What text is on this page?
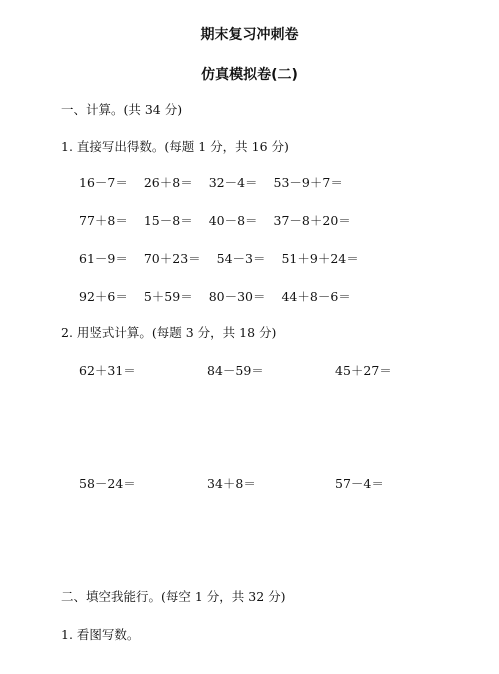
期末复习冲刺卷
仿真模拟卷(二)
一、计算。(共 34 分)
1. 直接写出得数。(每题 1 分，共 16 分)
16－7＝ 26＋8＝ 32－4＝ 53－9＋7＝
77＋8＝ 15－8＝ 40－8＝ 37－8＋20＝
61－9＝ 70＋23＝ 54－3＝ 51＋9＋24＝
92＋6＝ 5＋59＝ 80－30＝ 44＋8－6＝
2. 用竖式计算。(每题 3 分，共 18 分)
62＋31＝	84－59＝	45＋27＝
58－24＝	34＋8＝	57－4＝
二、填空我能行。(每空 1 分，共 32 分)
1. 看图写数。
